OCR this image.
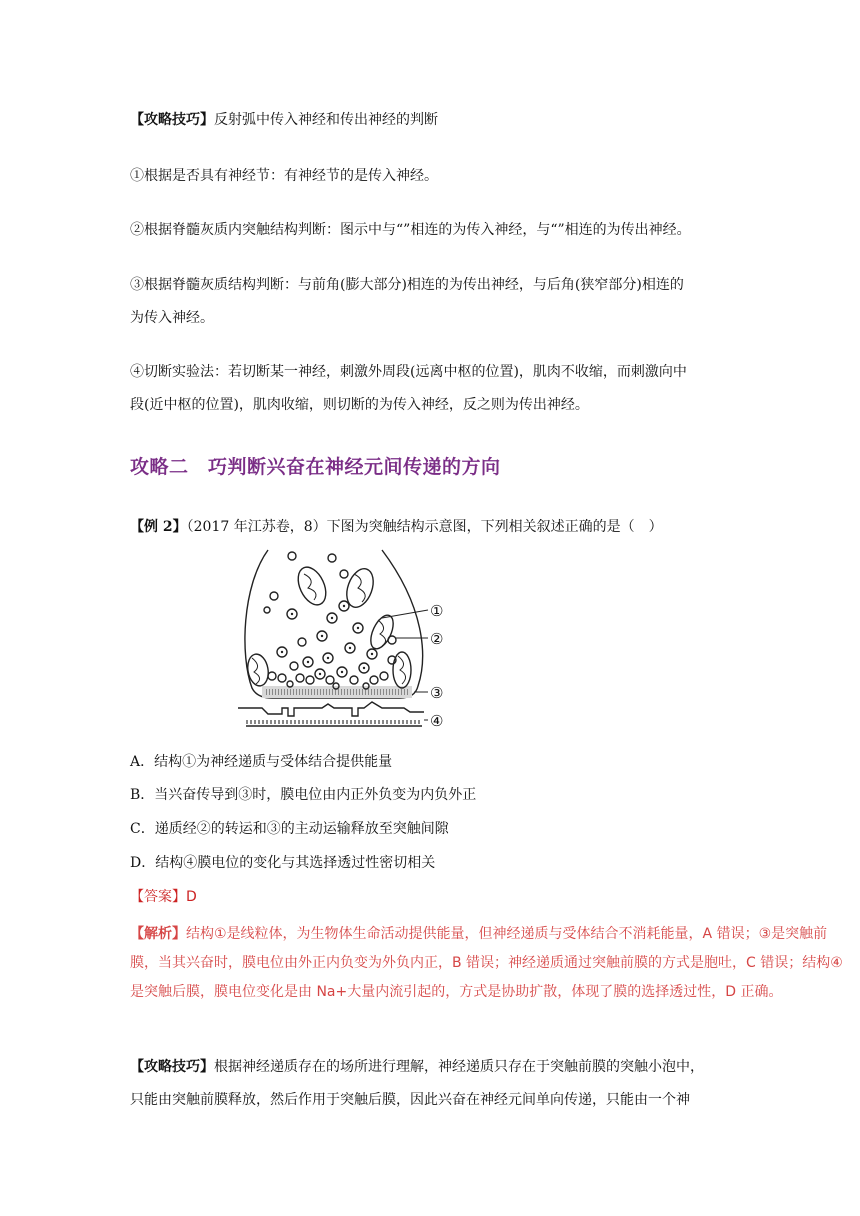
【攻略技巧】反射弧中传入神经和传出神经的判断
①根据是否具有神经节：有神经节的是传入神经。
②根据脊髓灰质内突触结构判断：图示中与“”相连的为传入神经，与“”相连的为传出神经。
③根据脊髓灰质结构判断：与前角(膨大部分)相连的为传出神经，与后角(狭窄部分)相连的
为传入神经。
④切断实验法：若切断某一神经，刺激外周段(远离中枢的位置)，肌肉不收缩，而刺激向中
段(近中枢的位置)，肌肉收缩，则切断的为传入神经，反之则为传出神经。
攻略二　巧判断兴奋在神经元间传递的方向
【例 2】（2017 年江苏卷，8）下图为突触结构示意图，下列相关叙述正确的是（　）
①
②
③
④
A．结构①为神经递质与受体结合提供能量
B．当兴奋传导到③时，膜电位由内正外负变为内负外正
C．递质经②的转运和③的主动运输释放至突触间隙
D．结构④膜电位的变化与其选择透过性密切相关
【答案】D
【解析】结构①是线粒体，为生物体生命活动提供能量，但神经递质与受体结合不消耗能量，A 错误；③是突触前膜，当其兴奋时，膜电位由外正内负变为外负内正，B 错误；神经递质通过突触前膜的方式是胞吐，C 错误；结构④是突触后膜，膜电位变化是由 Na+大量内流引起的，方式是协助扩散，体现了膜的选择透过性，D 正确。
【攻略技巧】根据神经递质存在的场所进行理解，神经递质只存在于突触前膜的突触小泡中，
只能由突触前膜释放，然后作用于突触后膜，因此兴奋在神经元间单向传递，只能由一个神
